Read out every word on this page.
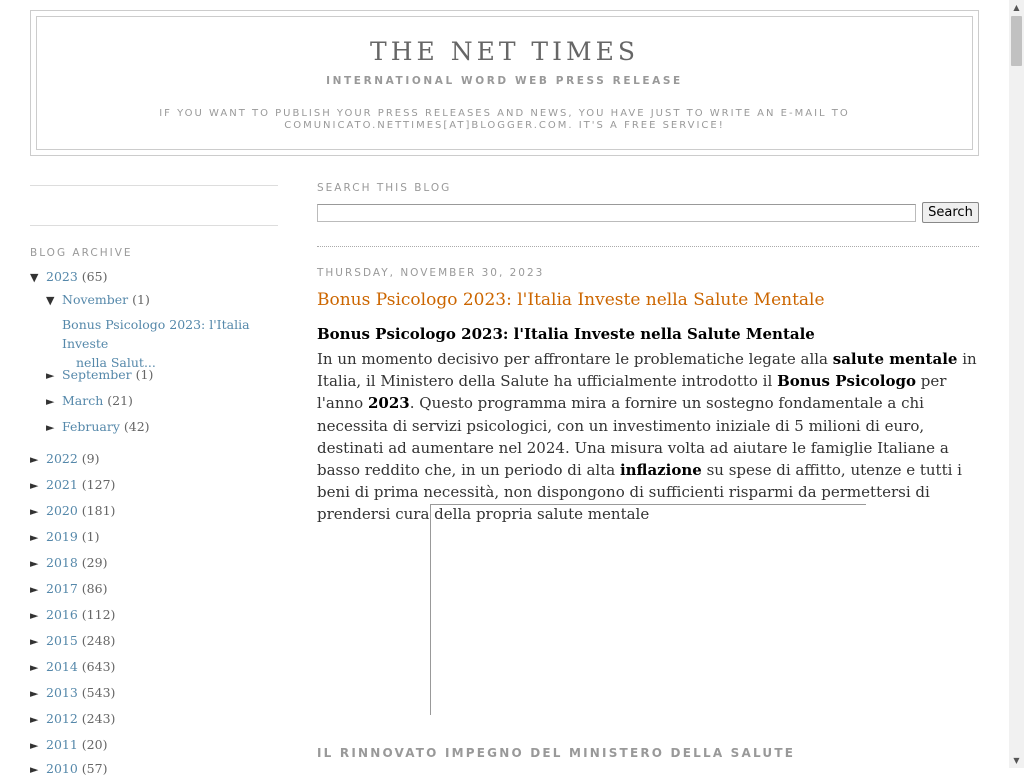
THE NET TIMES
INTERNATIONAL WORD WEB PRESS RELEASE
IF YOU WANT TO PUBLISH YOUR PRESS RELEASES AND NEWS, YOU HAVE JUST TO WRITE AN E-MAIL TO COMUNICATO.NETTIMES[AT]BLOGGER.COM. IT'S A FREE SERVICE!
BLOG ARCHIVE
▼ 2023 (65)
▼ November (1)
Bonus Psicologo 2023: l'Italia Investe
nella Salut...
► September (1)
► March (21)
► February (42)
► 2022 (9)
► 2021 (127)
► 2020 (181)
► 2019 (1)
► 2018 (29)
► 2017 (86)
► 2016 (112)
► 2015 (248)
► 2014 (643)
► 2013 (543)
► 2012 (243)
► 2011 (20)
► 2010 (57)
SEARCH THIS BLOG
Search
THURSDAY, NOVEMBER 30, 2023
Bonus Psicologo 2023: l'Italia Investe nella Salute Mentale
Bonus Psicologo 2023: l'Italia Investe nella Salute Mentale
In un momento decisivo per affrontare le problematiche legate alla salute mentale in Italia, il Ministero della Salute ha ufficialmente introdotto il Bonus Psicologo per l'anno 2023. Questo programma mira a fornire un sostegno fondamentale a chi necessita di servizi psicologici, con un investimento iniziale di 5 milioni di euro, destinati ad aumentare nel 2024. Una misura volta ad aiutare le famiglie Italiane a basso reddito che, in un periodo di alta inflazione su spese di affitto, utenze e tutti i beni di prima necessità, non dispongono di sufficienti risparmi da permettersi di prendersi cura della propria salute mentale
IL RINNOVATO IMPEGNO DEL MINISTERO DELLA SALUTE
▲
▼
